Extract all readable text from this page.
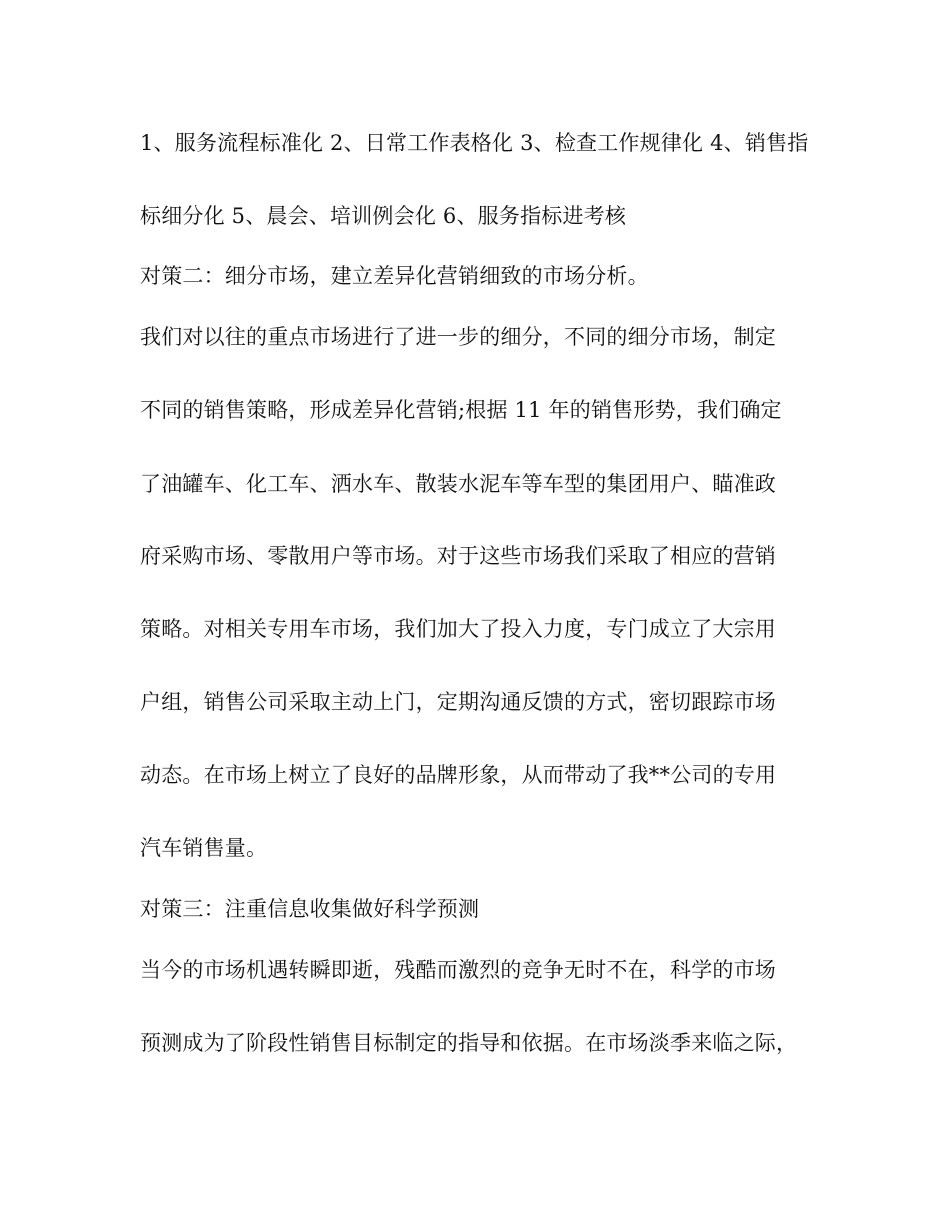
1、服务流程标准化 2、日常工作表格化 3、检查工作规律化 4、销售指
标细分化 5、晨会、培训例会化 6、服务指标进考核
对策二：细分市场，建立差异化营销细致的市场分析。
我们对以往的重点市场进行了进一步的细分，不同的细分市场，制定
不同的销售策略，形成差异化营销;根据 11 年的销售形势，我们确定
了油罐车、化工车、洒水车、散装水泥车等车型的集团用户、瞄准政
府采购市场、零散用户等市场。对于这些市场我们采取了相应的营销
策略。对相关专用车市场，我们加大了投入力度，专门成立了大宗用
户组，销售公司采取主动上门，定期沟通反馈的方式，密切跟踪市场
动态。在市场上树立了良好的品牌形象，从而带动了我**公司的专用
汽车销售量。
对策三：注重信息收集做好科学预测
当今的市场机遇转瞬即逝，残酷而激烈的竞争无时不在，科学的市场
预测成为了阶段性销售目标制定的指导和依据。在市场淡季来临之际，
